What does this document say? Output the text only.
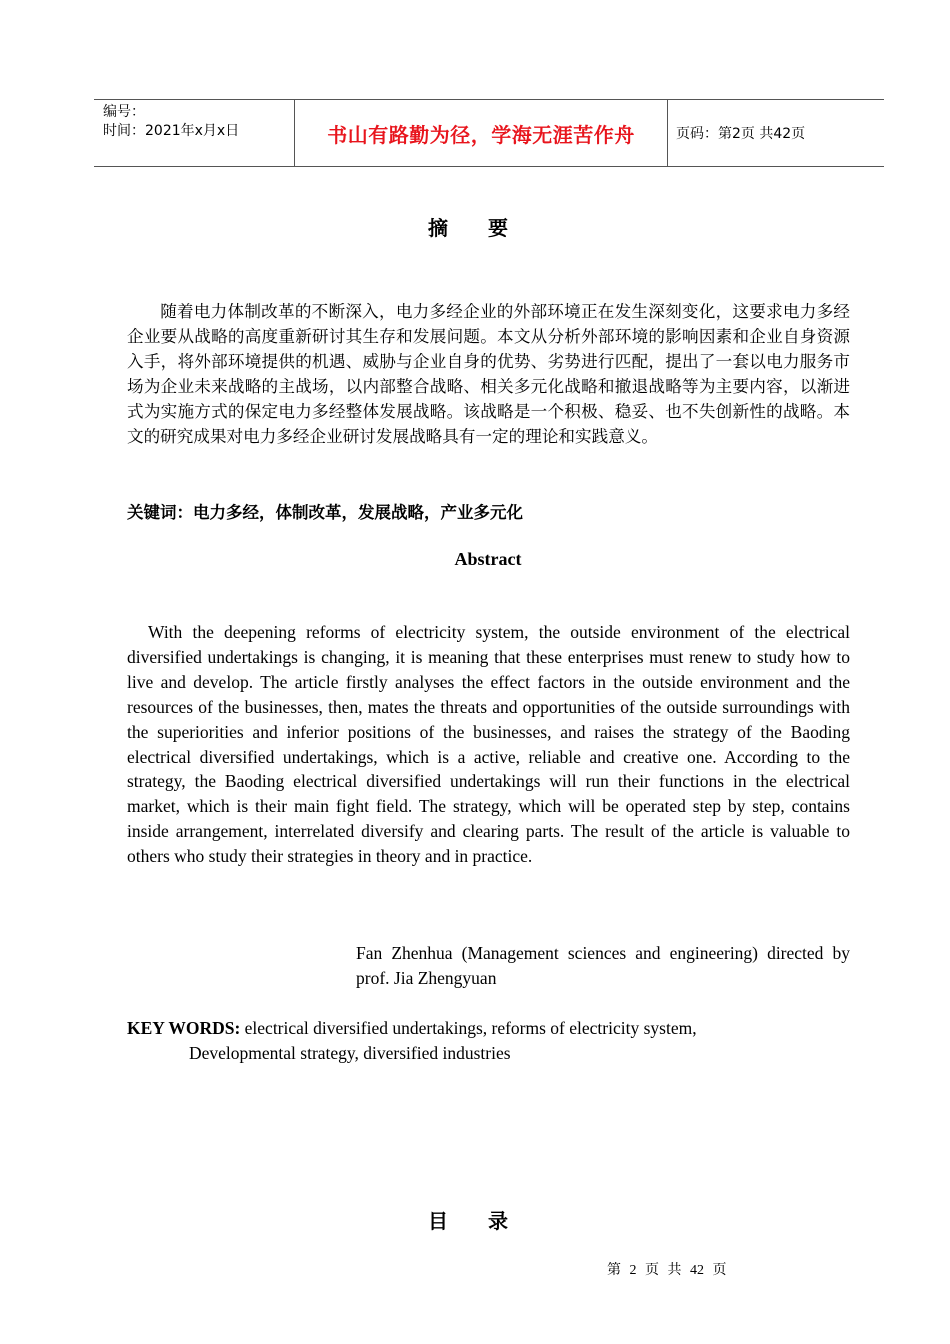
编号：
时间：2021年x月x日	书山有路勤为径，学海无涯苦作舟	页码：第2页 共42页
摘要

随着电力体制改革的不断深入，电力多经企业的外部环境正在发生深刻变化，这要求电力多经企业要从战略的高度重新研讨其生存和发展问题。本文从分析外部环境的影响因素和企业自身资源入手，将外部环境提供的机遇、威胁与企业自身的优势、劣势进行匹配，提出了一套以电力服务市场为企业未来战略的主战场，以内部整合战略、相关多元化战略和撤退战略等为主要内容，以渐进式为实施方式的保定电力多经整体发展战略。该战略是一个积极、稳妥、也不失创新性的战略。本文的研究成果对电力多经企业研讨发展战略具有一定的理论和实践意义。

关键词：电力多经，体制改革，发展战略，产业多元化
Abstract

With the deepening reforms of electricity system, the outside environment of the electrical diversified undertakings is changing, it is meaning that these enterprises must renew to study how to live and develop. The article firstly analyses the effect factors in the outside environment and the resources of the businesses, then, mates the threats and opportunities of the outside surroundings with the superiorities and inferior positions of the businesses, and raises the strategy of the Baoding electrical diversified undertakings, which is a active, reliable and creative one. According to the strategy, the Baoding electrical diversified undertakings will run their functions in the electrical market, which is their main fight field. The strategy, which will be operated step by step, contains inside arrangement, interrelated diversify and clearing parts. The result of the article is valuable to others who study their strategies in theory and in practice.

Fan Zhenhua (Management sciences and engineering) directed by prof. Jia Zhengyuan

KEY WORDS: electrical diversified undertakings, reforms of electricity system,
Developmental strategy, diversified industries
目录
第 2 页 共 42 页
